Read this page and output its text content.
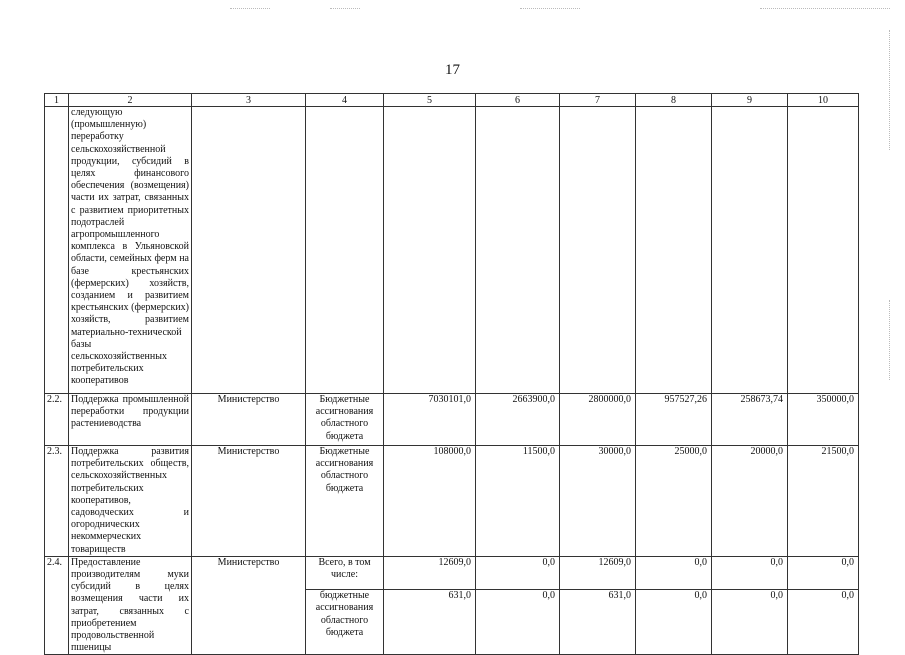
17
1	2	3	4	5	6	7	8	9	10
	следующую (промышленную) переработку сельскохозяйственной продукции, субсидий в целях финансового обеспечения (возмещения) части их затрат, связанных с развитием приоритетных подотраслей агропромышленного комплекса в Ульяновской области, семейных ферм на базе крестьянских (фермерских) хозяйств, созданием и развитием крестьянских (фермерских) хозяйств, развитием материально-технической базы сельскохозяйственных потребительских кооперативов								
2.2.	Поддержка промышленной переработки продукции растениеводства	Министерство	Бюджетные ассигнования областного бюджета	7030101,0	2663900,0	2800000,0	957527,26	258673,74	350000,0
2.3.	Поддержка развития потребительских обществ, сельскохозяйственных потребительских кооперативов, садоводческих и огороднических некоммерческих товариществ	Министерство	Бюджетные ассигнования областного бюджета	108000,0	11500,0	30000,0	25000,0	20000,0	21500,0
2.4.	Предоставление производителям муки субсидий в целях возмещения части их затрат, связанных с приобретением продовольственной пшеницы	Министерство	Всего, в том числе:	12609,0	0,0	12609,0	0,0	0,0	0,0
			бюджетные ассигнования областного бюджета	631,0	0,0	631,0	0,0	0,0	0,0
